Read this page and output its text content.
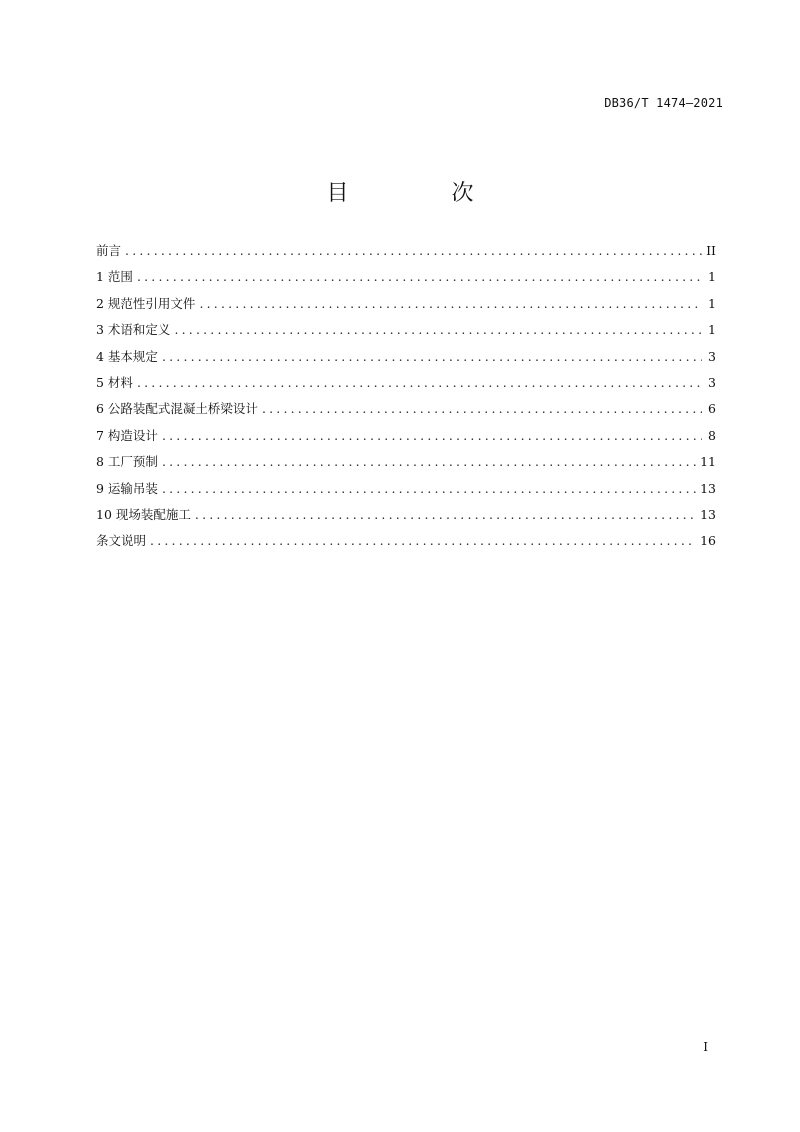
DB36/T 1474—2021
目 次
前言 .....	II
1 范围 .....	1
2 规范性引用文件 .....	1
3 术语和定义 .....	1
4 基本规定 .....	3
5 材料 .....	3
6 公路装配式混凝土桥梁设计 .....	6
7 构造设计 .....	8
8 工厂预制 .....	11
9 运输吊装 .....	13
10 现场装配施工 .....	13
条文说明 .....	16
I
